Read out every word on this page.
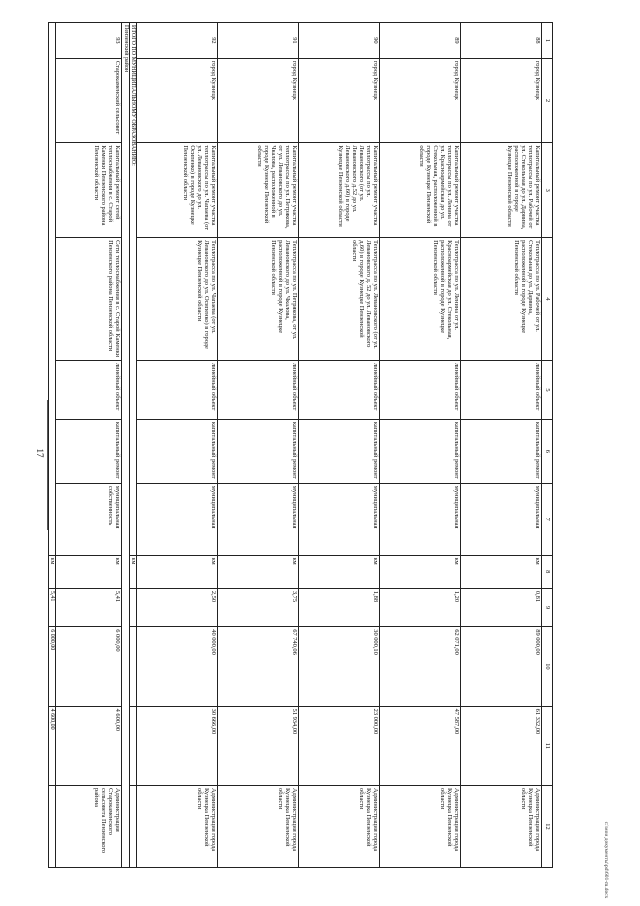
17
1	2	3	4	5	6	7	8	9	10	11	12
88	город Кузнецк	Капитальный ремонт участка теплотрассы по ул. Рабочей от ул. Стекольная до ул. Дарвина, расположенной в городе Кузнецке Пензенской области	Теплотрасса по ул. Рабочей от ул. Стекольная до ул. Дарвина, расположенной в городе Кузнецке Пензенской области	линейный объект	капитальный ремонт	муниципальная	км	0,81	89 000,00	61 332,00	Администрация города Кузнецка Пензенской области
89	город Кузнецк	Капитальный ремонт участка теплотрассы по ул. Ленина от ул. Красноармейская до ул. Стекольная, расположенной в городе Кузнецке Пензенской области	Теплотрасса по ул. Ленина от ул. Красноармейская до ул. Стекольная, расположенной в городе Кузнецке Пензенской области	линейный объект	капитальный ремонт	муниципальная	км	1,20	62 071,00	47 587,00	Администрация города Кузнецка Пензенской области
90	город Кузнецк	Капитальный ремонт участка теплотрассы по ул. Левановского (от ул. Левановского д.52 до ул. Левановского д.60) в городе Кузнецке Пензенской области	Теплотрасса по ул. Левановского (от ул. Левановского д. 52 до ул. Левановского д.60) в городе Кузнецке Пензенской области	линейный объект	капитальный ремонт	муниципальная	км	1,88	30 000,10	23 000,00	Администрация города Кузнецка Пензенской области
91	город Кузнецк	Капитальный ремонт участка теплотрассы по ул. Петрякова, от ул. Левановского до ул. Чкалова, расположенной в городе Кузнецке Пензенской области	Теплотрасса по ул. Петрякова, от ул. Левановского до ул. Чкалова, расположенной в городе Кузнецке Пензенской области	линейный объект	капитальный ремонт	муниципальная	км	3,75	67 740,06	51 934,00	Администрация города Кузнецка Пензенской области
92	город Кузнецк	Капитальный ремонт участка теплотрассы по ул. Чапаева (от ул. Левановского до ул. Осипенко) в городе Кузнецке Пензенской области	Теплотрасса по ул. Чапаева (от ул. Левановского до ул. Осипенко) в городе Кузнецке Пензенской области	линейный объект	капитальный ремонт	муниципальная	км	2,50	40 000,00	30 666,00	Администрация города Кузнецка Пензенской области
ИТОГО ПО МУНИЦИПАЛЬНОМУ ОБРАЗОВАНИЮ:							км				
Пензенский район											
93	Старокаменский сельсовет	Капитальный ремонт сетей теплоснабжения в с. Старой Каменки Пензенского района Пензенской области	Сети теплоснабжения в с. Старой Каменки Пензенского района Пензенской области	линейный объект	капитальный ремонт	муниципальная собственность	км	5,41	6 000,00	4 600,00	Администрация Старокаменского сельсовета Пензенского района
							км	5,41	6 000,00	4 600,00	
c:\мои документы\pd\601-m.docx
